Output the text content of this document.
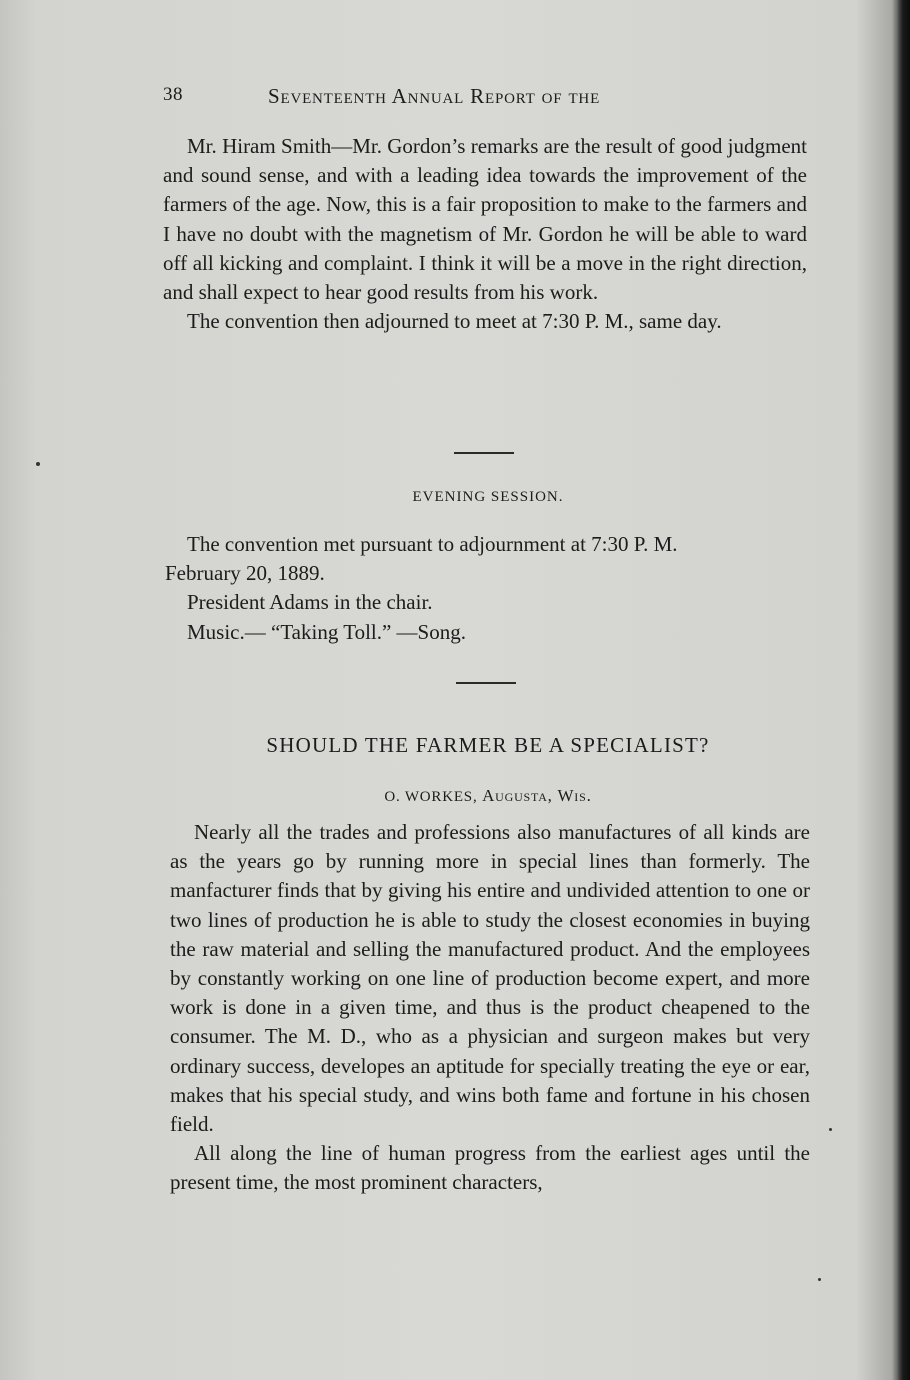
38	Seventeenth Annual Report of the

Mr. Hiram Smith—Mr. Gordon’s remarks are the result of good judgment and sound sense, and with a leading idea towards the improvement of the farmers of the age. Now, this is a fair proposition to make to the farmers and I have no doubt with the magnetism of Mr. Gordon he will be able to ward off all kicking and complaint. I think it will be a move in the right direction, and shall expect to hear good results from his work.

The convention then adjourned to meet at 7:30 P. M., same day.

EVENING SESSION.

The convention met pursuant to adjournment at 7:30 P. M.

February 20, 1889.

President Adams in the chair.

Music.— “Taking Toll.” —Song.

SHOULD THE FARMER BE A SPECIALIST?
O. WORKES, Augusta, Wis.

Nearly all the trades and professions also manufactures of all kinds are as the years go by running more in special lines than formerly. The manfacturer finds that by giving his entire and undivided attention to one or two lines of production he is able to study the closest economies in buying the raw material and selling the manufactured product. And the employees by constantly working on one line of production become expert, and more work is done in a given time, and thus is the product cheapened to the consumer. The M. D., who as a physician and surgeon makes but very ordinary success, developes an aptitude for specially treating the eye or ear, makes that his special study, and wins both fame and fortune in his chosen field.

All along the line of human progress from the earliest ages until the present time, the most prominent characters,
